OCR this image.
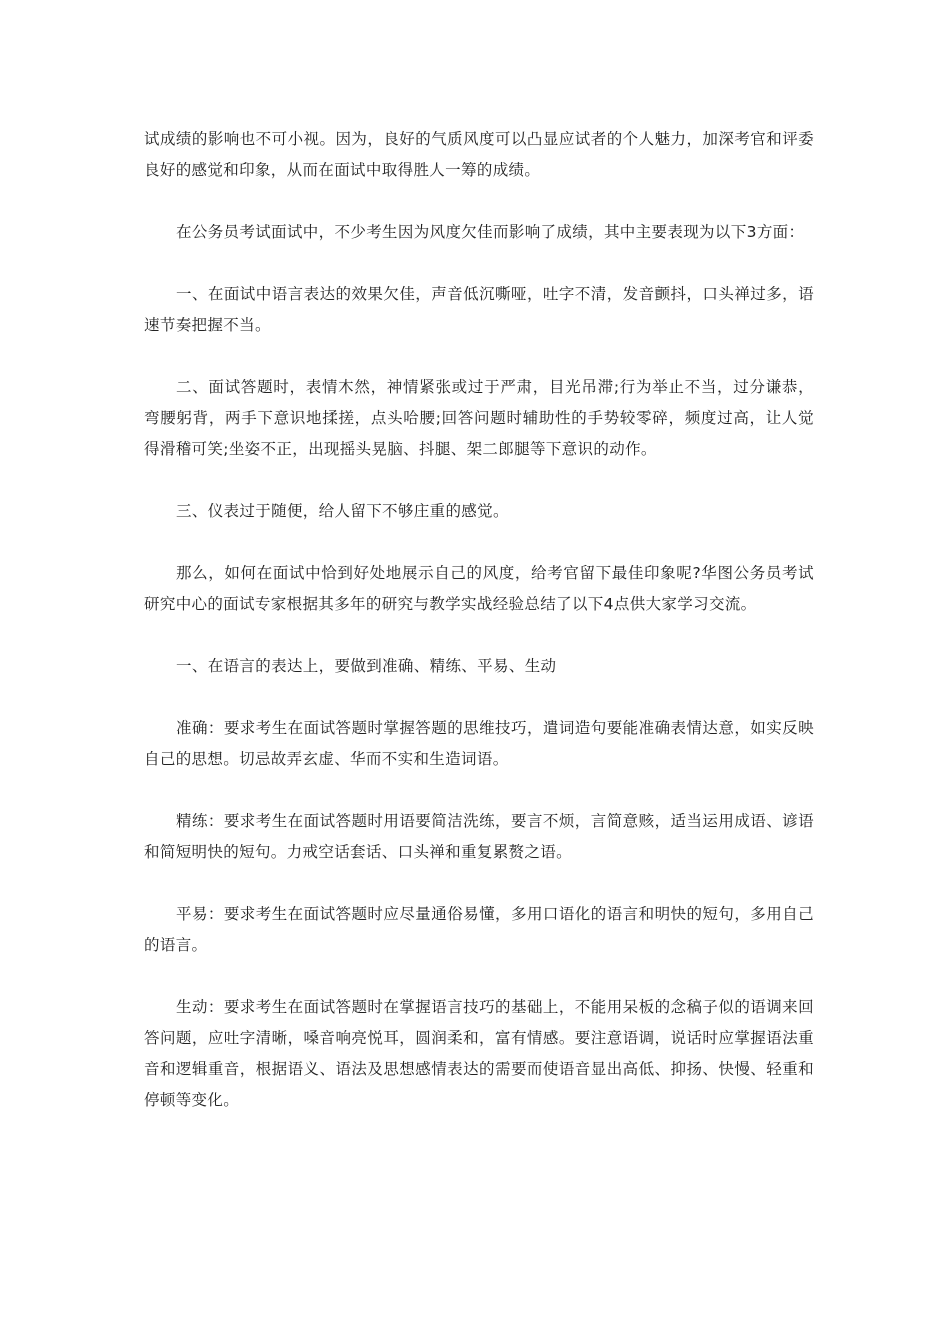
试成绩的影响也不可小视。因为，良好的气质风度可以凸显应试者的个人魅力，加深考官和评委良好的感觉和印象，从而在面试中取得胜人一筹的成绩。

在公务员考试面试中，不少考生因为风度欠佳而影响了成绩，其中主要表现为以下3方面：

一、在面试中语言表达的效果欠佳，声音低沉嘶哑，吐字不清，发音颤抖，口头禅过多，语速节奏把握不当。

二、面试答题时，表情木然，神情紧张或过于严肃，目光吊滞;行为举止不当，过分谦恭，弯腰躬背，两手下意识地揉搓，点头哈腰;回答问题时辅助性的手势较零碎，频度过高，让人觉得滑稽可笑;坐姿不正，出现摇头晃脑、抖腿、架二郎腿等下意识的动作。

三、仪表过于随便，给人留下不够庄重的感觉。

那么，如何在面试中恰到好处地展示自己的风度，给考官留下最佳印象呢?华图公务员考试研究中心的面试专家根据其多年的研究与教学实战经验总结了以下4点供大家学习交流。

一、在语言的表达上，要做到准确、精练、平易、生动

准确：要求考生在面试答题时掌握答题的思维技巧，遣词造句要能准确表情达意，如实反映自己的思想。切忌故弄玄虚、华而不实和生造词语。

精练：要求考生在面试答题时用语要简洁洗练，要言不烦，言简意赅，适当运用成语、谚语和简短明快的短句。力戒空话套话、口头禅和重复累赘之语。

平易：要求考生在面试答题时应尽量通俗易懂，多用口语化的语言和明快的短句，多用自己的语言。

生动：要求考生在面试答题时在掌握语言技巧的基础上，不能用呆板的念稿子似的语调来回答问题，应吐字清晰，嗓音响亮悦耳，圆润柔和，富有情感。要注意语调，说话时应掌握语法重音和逻辑重音，根据语义、语法及思想感情表达的需要而使语音显出高低、抑扬、快慢、轻重和停顿等变化。
